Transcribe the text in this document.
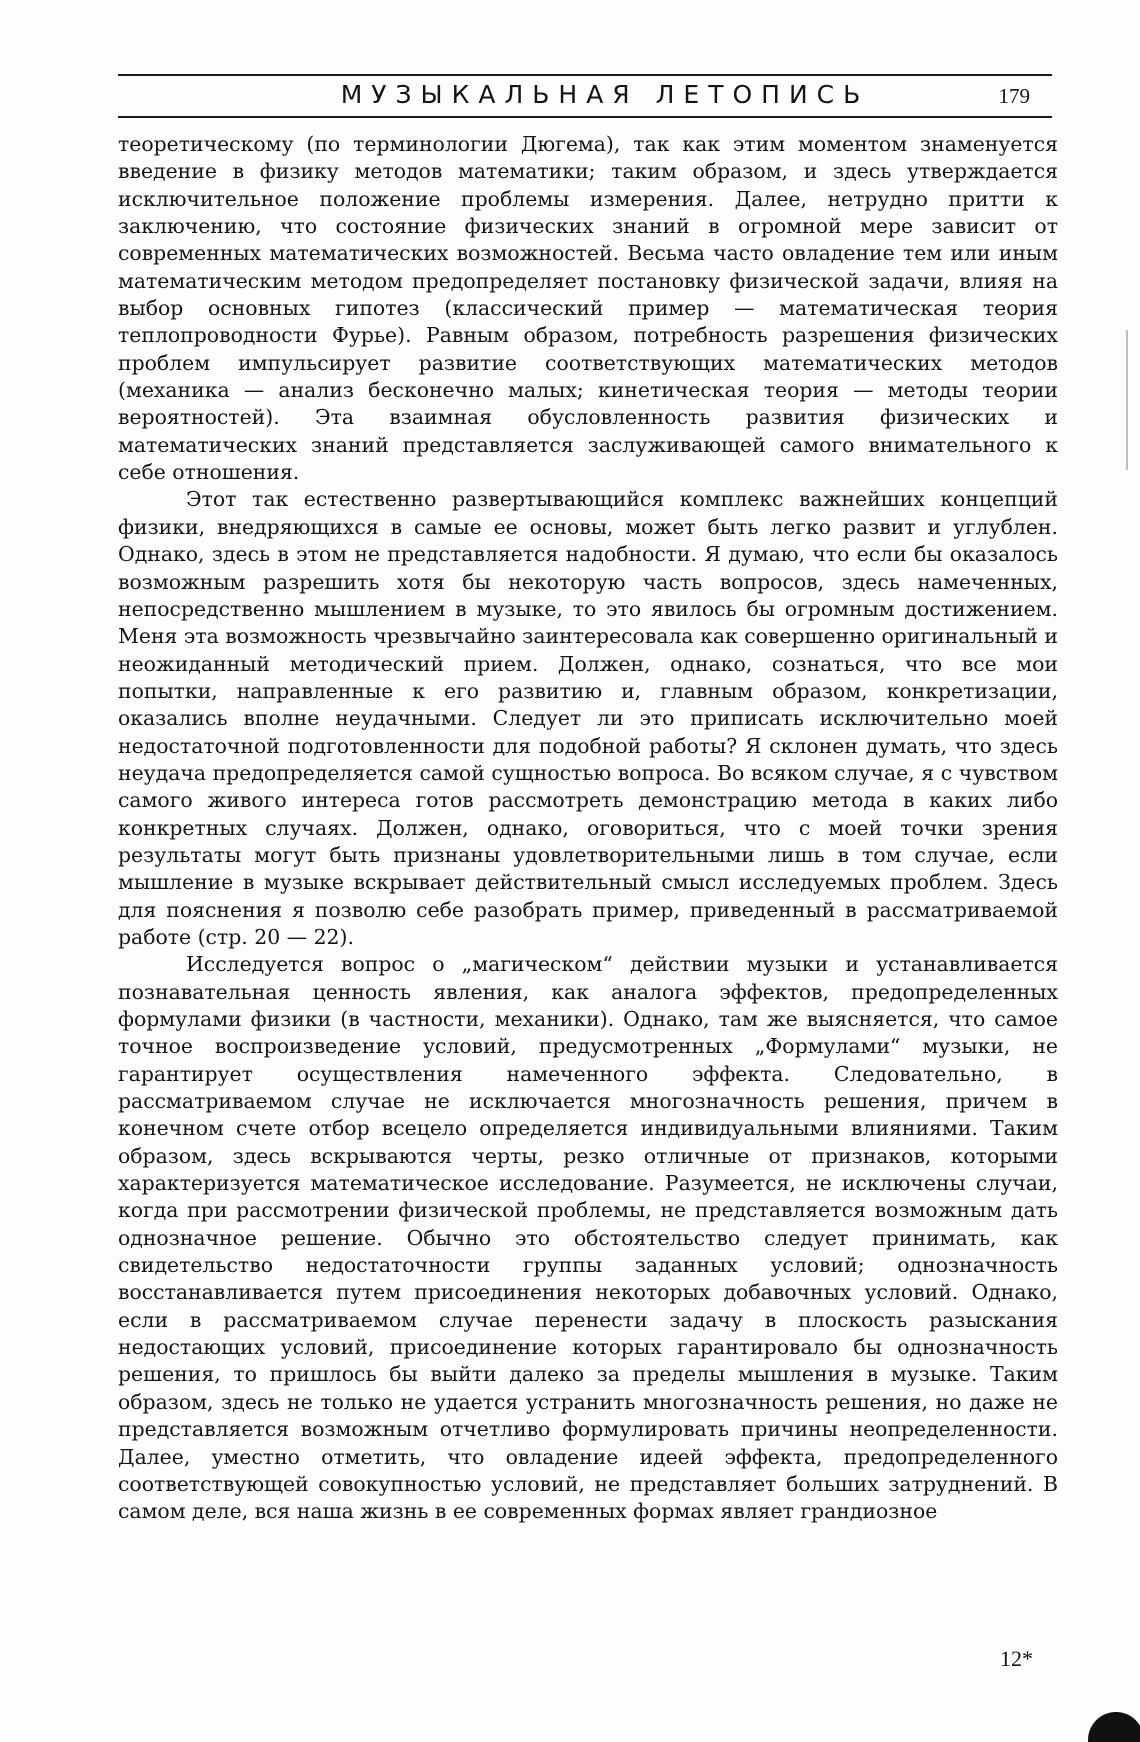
МУЗЫКАЛЬНАЯ ЛЕТОПИСЬ	179

теоретическому (по терминологии Дюгема), так как этим моментом знаменуется введение в физику методов математики; таким образом, и здесь утверждается исключительное положение проблемы измерения. Далее, нетрудно притти к заключению, что состояние физических знаний в огромной мере зависит от современных математических возможностей. Весьма часто овладение тем или иным математическим методом предопределяет постановку физической задачи, влияя на выбор основных гипотез (классический пример — математическая теория теплопроводности Фурье). Равным образом, потребность разрешения физических проблем импульсирует развитие соответствующих математических методов (механика — анализ бесконечно малых; кинетическая теория — методы теории вероятностей). Эта взаимная обусловленность развития физических и математических знаний представляется заслуживающей самого внимательного к себе отношения.

Этот так естественно развертывающийся комплекс важнейших концепций физики, внедряющихся в самые ее основы, может быть легко развит и углублен. Однако, здесь в этом не представляется надобности. Я думаю, что если бы оказалось возможным разрешить хотя бы некоторую часть вопросов, здесь намеченных, непосредственно мышлением в музыке, то это явилось бы огромным достижением. Меня эта возможность чрезвычайно заинтересовала как совершенно оригинальный и неожиданный методический прием. Должен, однако, сознаться, что все мои попытки, направленные к его развитию и, главным образом, конкретизации, оказались вполне неудачными. Следует ли это приписать исключительно моей недостаточной подготовленности для подобной работы? Я склонен думать, что здесь неудача предопределяется самой сущностью вопроса. Во всяком случае, я с чувством самого живого интереса готов рассмотреть демонстрацию метода в каких либо конкретных случаях. Должен, однако, оговориться, что с моей точки зрения результаты могут быть признаны удовлетворительными лишь в том случае, если мышление в музыке вскрывает действительный смысл исследуемых проблем. Здесь для пояснения я позволю себе разобрать пример, приведенный в рассматриваемой работе (стр. 20 — 22).

Исследуется вопрос о „магическом“ действии музыки и устанавливается познавательная ценность явления, как аналога эффектов, предопределенных формулами физики (в частности, механики). Однако, там же выясняется, что самое точное воспроизведение условий, предусмотренных „Формулами“ музыки, не гарантирует осуществления намеченного эффекта. Следовательно, в рассматриваемом случае не исключается многозначность решения, причем в конечном счете отбор всецело определяется индивидуальными влияниями. Таким образом, здесь вскрываются черты, резко отличные от признаков, которыми характеризуется математическое исследование. Разумеется, не исключены случаи, когда при рассмотрении физической проблемы, не представляется возможным дать однозначное решение. Обычно это обстоятельство следует принимать, как свидетельство недостаточности группы заданных условий; однозначность восстанавливается путем присоединения некоторых добавочных условий. Однако, если в рассматриваемом случае перенести задачу в плоскость разыскания недостающих условий, присоединение которых гарантировало бы однозначность решения, то пришлось бы выйти далеко за пределы мышления в музыке. Таким образом, здесь не только не удается устранить многозначность решения, но даже не представляется возможным отчетливо формулировать причины неопределенности. Далее, уместно отметить, что овладение идеей эффекта, предопределенного соответствующей совокупностью условий, не представляет больших затруднений. В самом деле, вся наша жизнь в ее современных формах являет грандиозное

12*
